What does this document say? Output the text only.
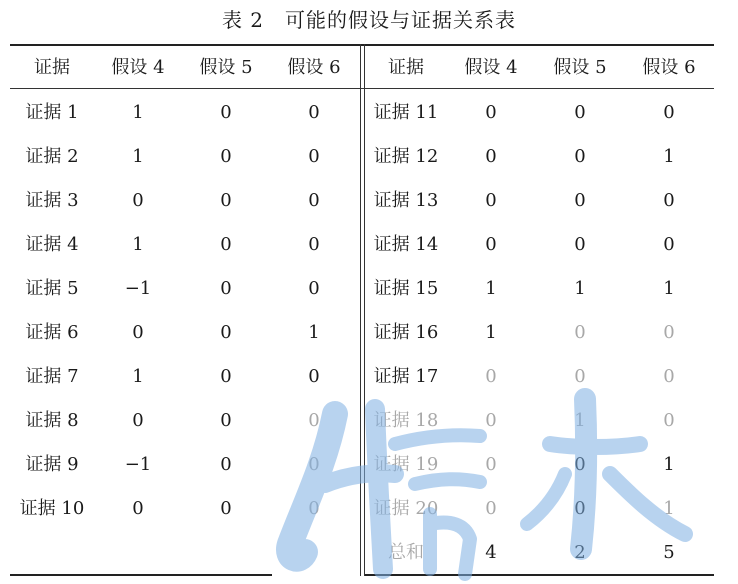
表 2　可能的假设与证据关系表
证据	假设 4	假设 5	假设 6	证据	假设 4	假设 5	假设 6
证据 1	1	0	0
证据 2	1	0	0
证据 3	0	0	0
证据 4	1	0	0
证据 5	−1	0	0
证据 6	0	0	1
证据 7	1	0	0
证据 8	0	0	0
证据 9	−1	0	0
证据 10	0	0	0
证据 11	0	0	0
证据 12	0	0	1
证据 13	0	0	0
证据 14	0	0	0
证据 15	1	1	1
证据 16	1	0	0
证据 17	0	0	0
证据 18	0	1	0
证据 19	0	0	1
证据 20	0	0	1
总和	4	2	5
